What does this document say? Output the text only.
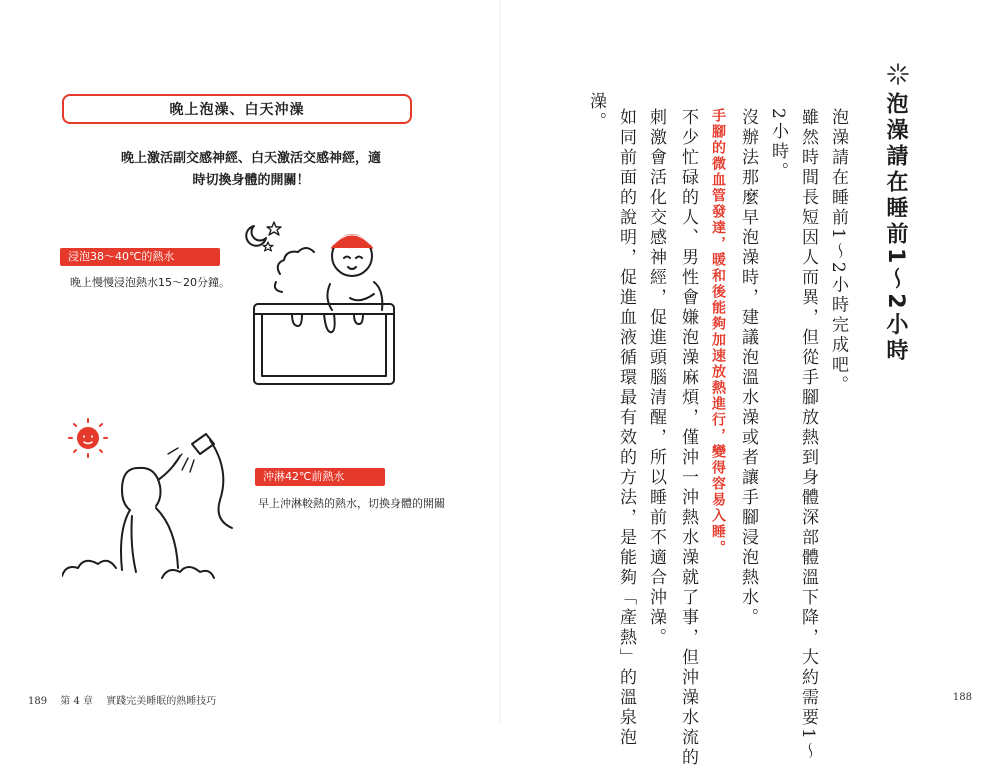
晚上泡澡、白天沖澡
晚上激活副交感神經、白天激活交感神經，適
時切換身體的開關！
浸泡38～40℃的熱水
晚上慢慢浸泡熱水15～20分鐘。
沖淋42℃前熱水
早上沖淋較熱的熱水，切換身體的開關
189 第 4 章 實踐完美睡眠的熟睡技巧
泡澡請在睡前1～2小時
泡澡請在睡前1～2小時完成吧。
雖然時間長短因人而異，但從手腳放熱到身體深部體溫下降，大約需要1～
2小時。
沒辦法那麼早泡澡時，建議泡溫水澡或者讓手腳浸泡熱水。
手腳的微血管發達，暖和後能夠加速放熱進行，變得容易入睡。
不少忙碌的人、男性會嫌泡澡麻煩，僅沖一沖熱水澡就了事，但沖澡水流的
刺激會活化交感神經，促進頭腦清醒，所以睡前不適合沖澡。
如同前面的說明，促進血液循環最有效的方法，是能夠「產熱」的溫泉泡
澡。
188
